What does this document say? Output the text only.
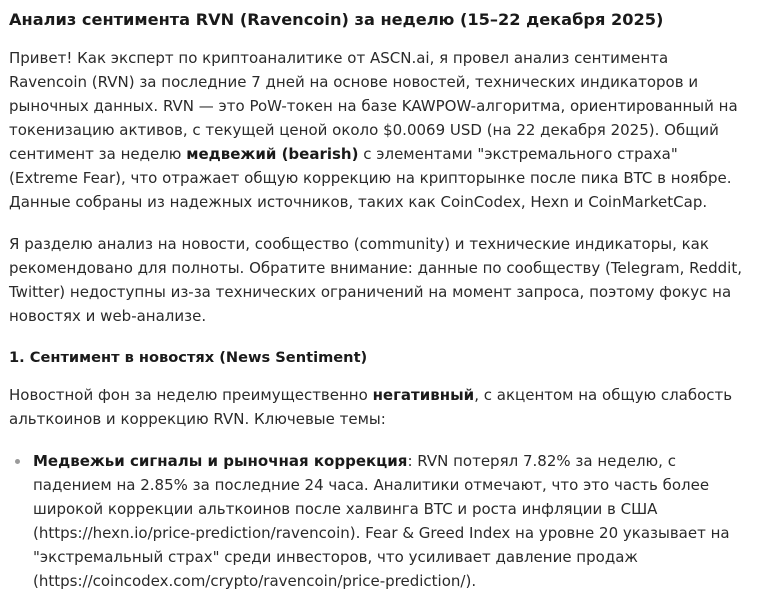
Анализ сентимента RVN (Ravencoin) за неделю (15–22 декабря 2025)

Привет! Как эксперт по криптоаналитике от ASCN.ai, я провел анализ сентимента Ravencoin (RVN) за последние 7 дней на основе новостей, технических индикаторов и рыночных данных. RVN — это PoW-токен на базе KAWPOW-алгоритма, ориентированный на токенизацию активов, с текущей ценой около $0.0069 USD (на 22 декабря 2025). Общий сентимент за неделю медвежий (bearish) с элементами "экстремального страха" (Extreme Fear), что отражает общую коррекцию на крипторынке после пика BTC в ноябре. Данные собраны из надежных источников, таких как CoinCodex, Hexn и CoinMarketCap.

Я разделю анализ на новости, сообщество (community) и технические индикаторы, как рекомендовано для полноты. Обратите внимание: данные по сообществу (Telegram, Reddit, Twitter) недоступны из-за технических ограничений на момент запроса, поэтому фокус на новостях и web-анализе.

1. Сентимент в новостях (News Sentiment)

Новостной фон за неделю преимущественно негативный, с акцентом на общую слабость альткоинов и коррекцию RVN. Ключевые темы:

Медвежьи сигналы и рыночная коррекция: RVN потерял 7.82% за неделю, с падением на 2.85% за последние 24 часа. Аналитики отмечают, что это часть более широкой коррекции альткоинов после халвинга BTC и роста инфляции в США (https://hexn.io/price-prediction/ravencoin). Fear & Greed Index на уровне 20 указывает на "экстремальный страх" среди инвесторов, что усиливает давление продаж (https://coincodex.com/crypto/ravencoin/price-prediction/).
